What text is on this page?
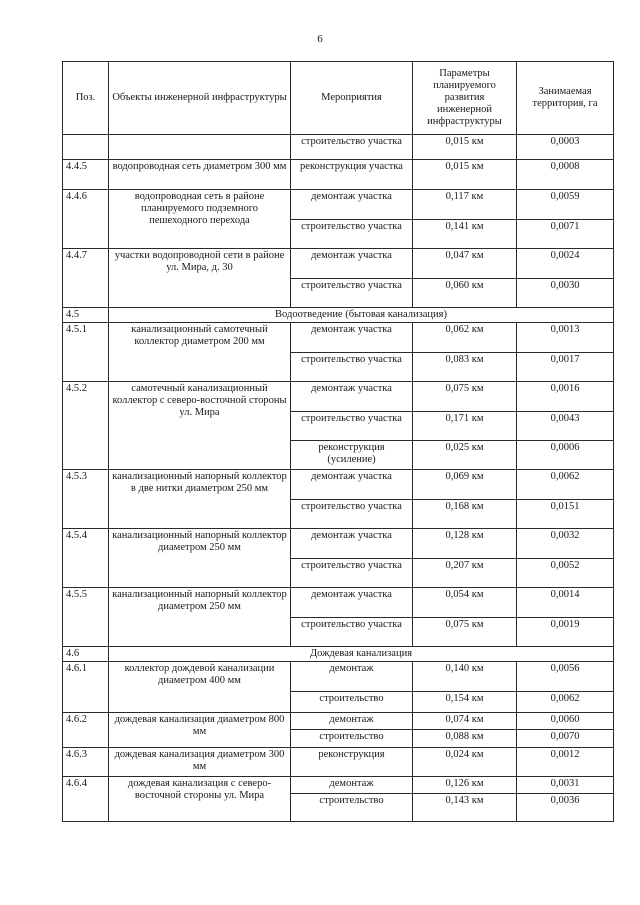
6
Поз.	Объекты инженерной инфраструктуры	Мероприятия	Параметры планируемого развития инженерной инфраструктуры	Занимаемая территория, га
		строительство участка	0,015 км	0,0003
4.4.5	водопроводная сеть диаметром 300 мм	реконструкция участка	0,015 км	0,0008
4.4.6	водопроводная сеть в районе планируемого подземного пешеходного перехода	демонтаж участка	0,117 км	0,0059
		строительство участка	0,141 км	0,0071
4.4.7	участки водопроводной сети в районе ул. Мира, д. 30	демонтаж участка	0,047 км	0,0024
		строительство участка	0,060 км	0,0030
4.5	Водоотведение (бытовая канализация)			
4.5.1	канализационный самотечный коллектор диаметром 200 мм	демонтаж участка	0,062 км	0,0013
		строительство участка	0,083 км	0,0017
4.5.2	самотечный канализационный коллектор с северо-восточной стороны ул. Мира	демонтаж участка	0,075 км	0,0016
		строительство участка	0,171 км	0,0043
		реконструкция (усиление)	0,025 км	0,0006
4.5.3	канализационный напорный коллектор в две нитки диаметром 250 мм	демонтаж участка	0,069 км	0,0062
		строительство участка	0,168 км	0,0151
4.5.4	канализационный напорный коллектор диаметром 250 мм	демонтаж участка	0,128 км	0,0032
		строительство участка	0,207 км	0,0052
4.5.5	канализационный напорный коллектор диаметром 250 мм	демонтаж участка	0,054 км	0,0014
		строительство участка	0,075 км	0,0019
4.6	Дождевая канализация			
4.6.1	коллектор дождевой канализации диаметром 400 мм	демонтаж	0,140 км	0,0056
		строительство	0,154 км	0,0062
4.6.2	дождевая канализация диаметром 800 мм	демонтаж	0,074 км	0,0060
		строительство	0,088 км	0,0070
4.6.3	дождевая канализация диаметром 300 мм	реконструкция	0,024 км	0,0012
4.6.4	дождевая канализация с северо-восточной стороны ул. Мира	демонтаж	0,126 км	0,0031
		строительство	0,143 км	0,0036
